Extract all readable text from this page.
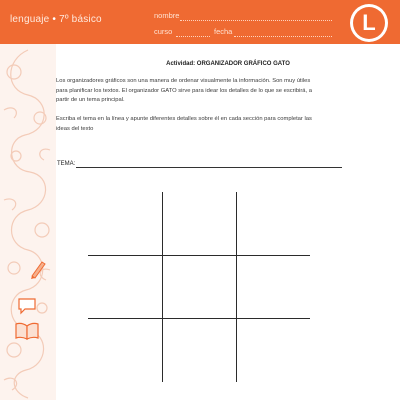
lenguaje • 7º básico	nombre
curso	fecha	L
Actividad: ORGANIZADOR GRÁFICO GATO
Los organizadores gráficos son una manera de ordenar visualmente la información. Son muy útiles
para planificar los textos. El organizador GATO sirve para idear los detalles de lo que se escribirá, a
partir de un tema principal.
Escriba el tema en la línea y apunte diferentes detalles sobre él en cada sección para completar las
ideas del texto
TEMA:
